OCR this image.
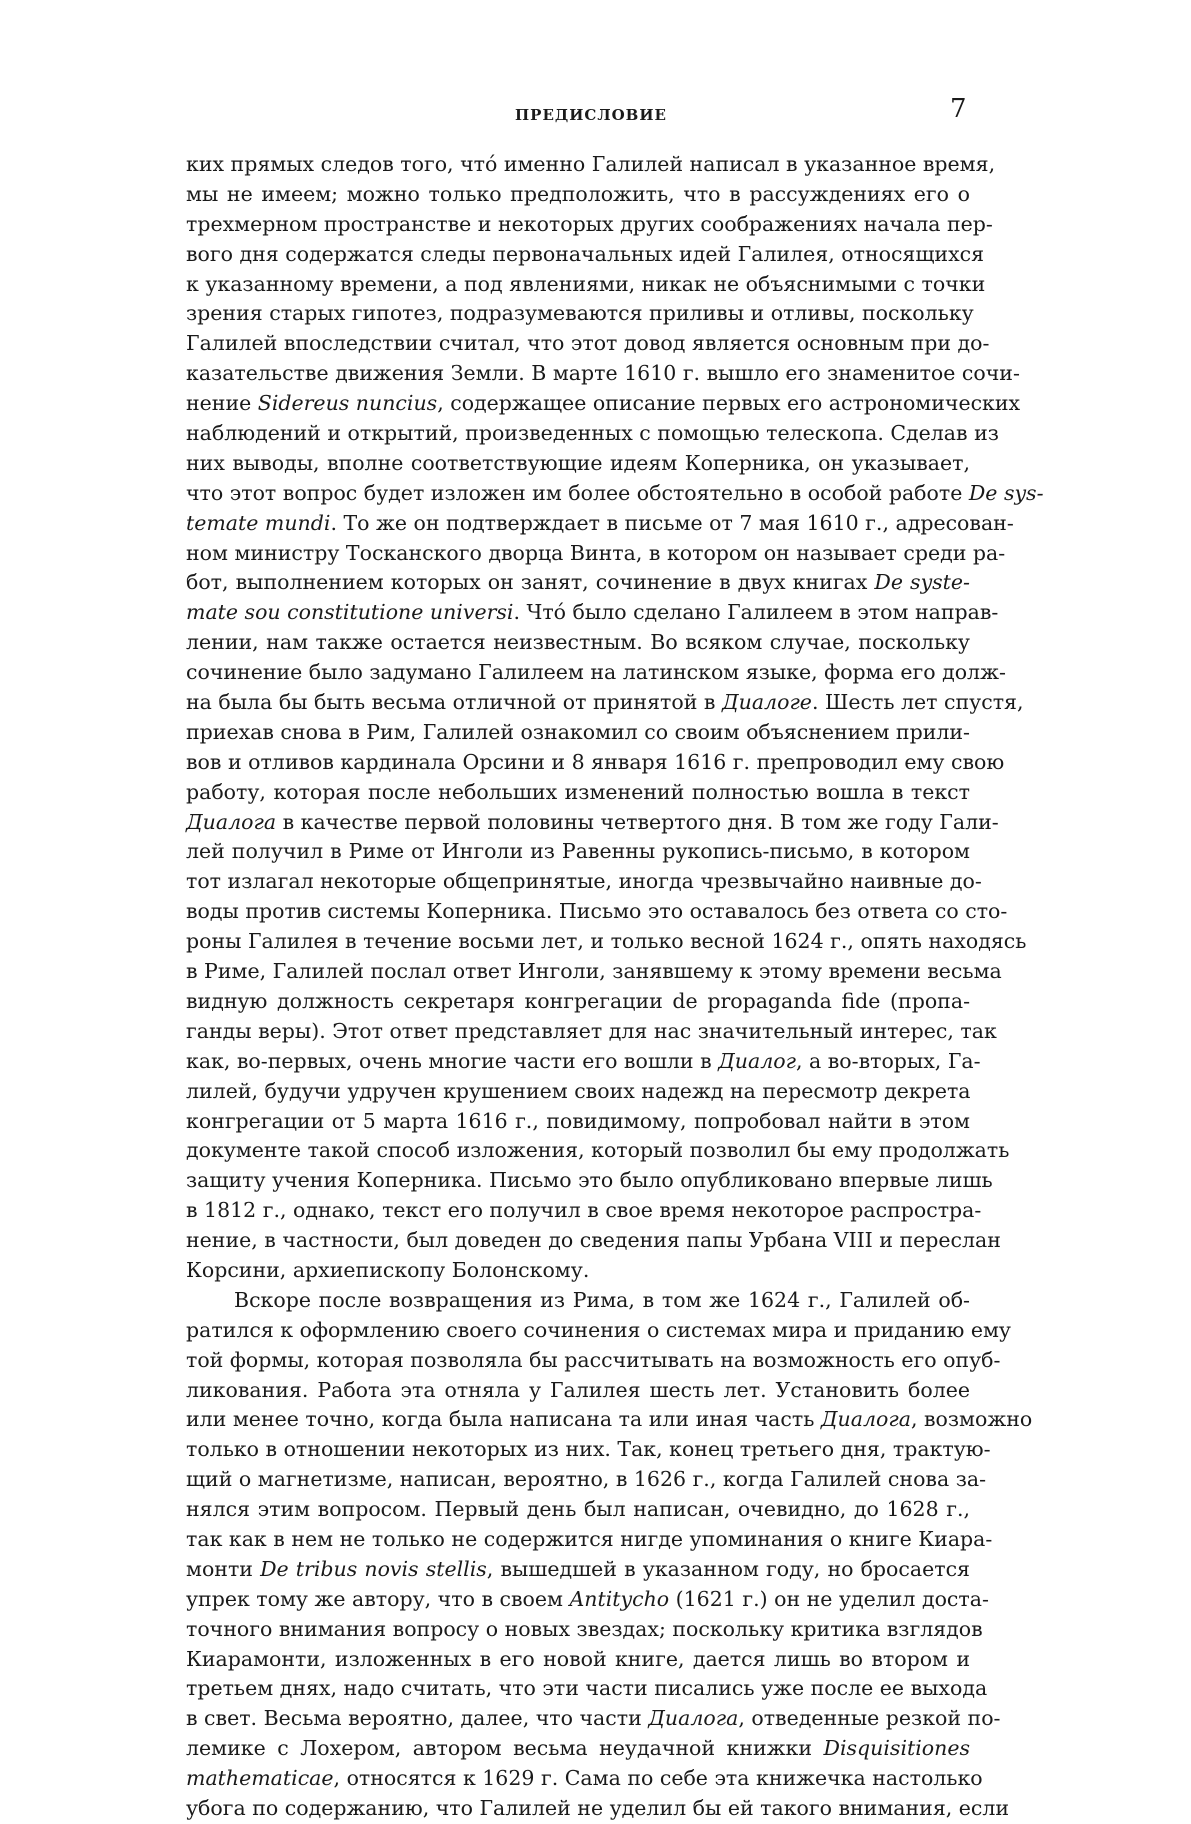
ПРЕДИСЛОВИЕ	7
ких прямых следов того, чтó именно Галилей написал в указанное время,
мы не имеем; можно только предположить, что в рассуждениях его о
трехмерном пространстве и некоторых других соображениях начала пер-
вого дня содержатся следы первоначальных идей Галилея, относящихся
к указанному времени, а под явлениями, никак не объяснимыми с точки
зрения старых гипотез, подразумеваются приливы и отливы, поскольку
Галилей впоследствии считал, что этот довод является основным при до-
казательстве движения Земли. В марте 1610 г. вышло его знаменитое сочи-
нение Sidereus nuncius, содержащее описание первых его астрономических
наблюдений и открытий, произведенных с помощью телескопа. Сделав из
них выводы, вполне соответствующие идеям Коперника, он указывает,
что этот вопрос будет изложен им более обстоятельно в особой работе De sys-
temate mundi. То же он подтверждает в письме от 7 мая 1610 г., адресован-
ном министру Тосканского дворца Винта, в котором он называет среди ра-
бот, выполнением которых он занят, сочинение в двух книгах De syste-
mate sou constitutione universi. Чтó было сделано Галилеем в этом направ-
лении, нам также остается неизвестным. Во всяком случае, поскольку
сочинение было задумано Галилеем на латинском языке, форма его долж-
на была бы быть весьма отличной от принятой в Диалоге. Шесть лет спустя,
приехав снова в Рим, Галилей ознакомил со своим объяснением прили-
вов и отливов кардинала Орсини и 8 января 1616 г. препроводил ему свою
работу, которая после небольших изменений полностью вошла в текст
Диалога в качестве первой половины четвертого дня. В том же году Гали-
лей получил в Риме от Инголи из Равенны рукопись-письмо, в котором
тот излагал некоторые общепринятые, иногда чрезвычайно наивные до-
воды против системы Коперника. Письмо это оставалось без ответа со сто-
роны Галилея в течение восьми лет, и только весной 1624 г., опять находясь
в Риме, Галилей послал ответ Инголи, занявшему к этому времени весьма
видную должность секретаря конгрегации de propaganda fide (пропа-
ганды веры). Этот ответ представляет для нас значительный интерес, так
как, во-первых, очень многие части его вошли в Диалог, а во-вторых, Га-
лилей, будучи удручен крушением своих надежд на пересмотр декрета
конгрегации от 5 марта 1616 г., повидимому, попробовал найти в этом
документе такой способ изложения, который позволил бы ему продолжать
защиту учения Коперника. Письмо это было опубликовано впервые лишь
в 1812 г., однако, текст его получил в свое время некоторое распростра-
нение, в частности, был доведен до сведения папы Урбана VIII и переслан
Корсини, архиепископу Болонскому.
Вскоре после возвращения из Рима, в том же 1624 г., Галилей об-
ратился к оформлению своего сочинения о системах мира и приданию ему
той формы, которая позволяла бы рассчитывать на возможность его опуб-
ликования. Работа эта отняла у Галилея шесть лет. Установить более
или менее точно, когда была написана та или иная часть Диалога, возможно
только в отношении некоторых из них. Так, конец третьего дня, трактую-
щий о магнетизме, написан, вероятно, в 1626 г., когда Галилей снова за-
нялся этим вопросом. Первый день был написан, очевидно, до 1628 г.,
так как в нем не только не содержится нигде упоминания о книге Киара-
монти De tribus novis stellis, вышедшей в указанном году, но бросается
упрек тому же автору, что в своем Antitycho (1621 г.) он не уделил доста-
точного внимания вопросу о новых звездах; поскольку критика взглядов
Киарамонти, изложенных в его новой книге, дается лишь во втором и
третьем днях, надо считать, что эти части писались уже после ее выхода
в свет. Весьма вероятно, далее, что части Диалога, отведенные резкой по-
лемике с Лохером, автором весьма неудачной книжки Disquisitiones
mathematicae, относятся к 1629 г. Сама по себе эта книжечка настолько
убога по содержанию, что Галилей не уделил бы ей такого внимания, если
